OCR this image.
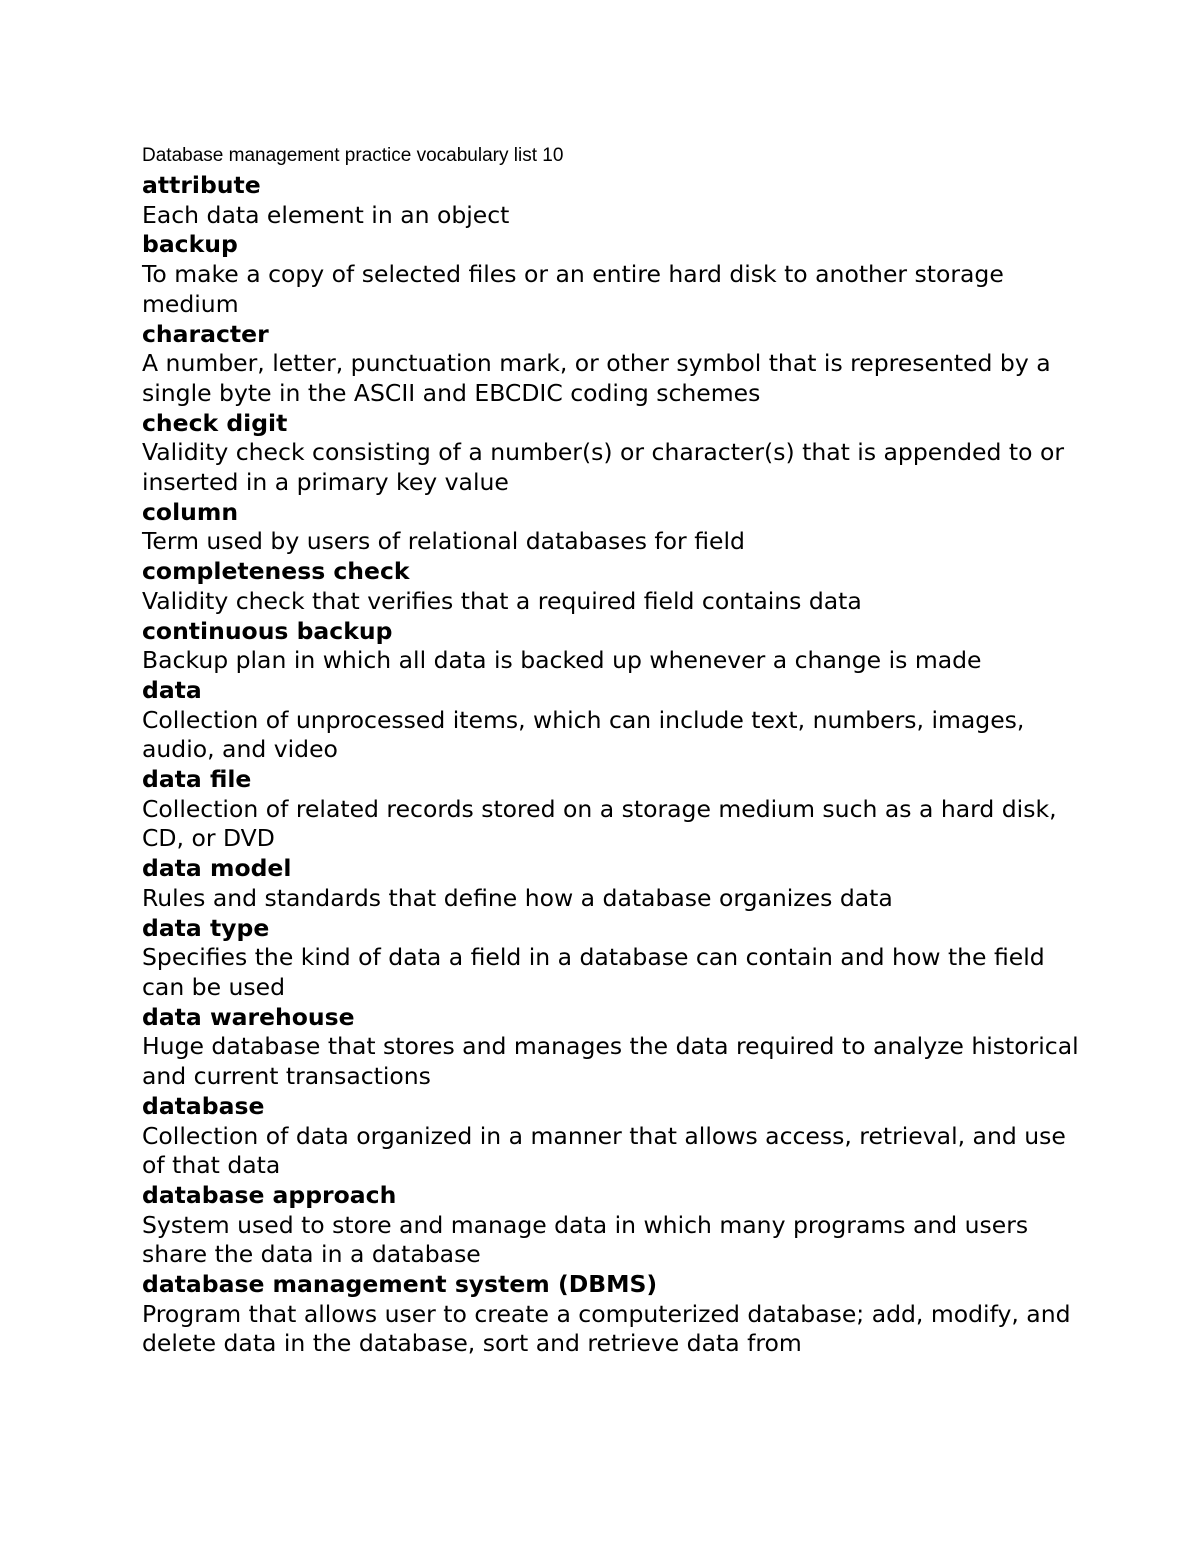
Database management practice vocabulary list 10
attribute
Each data element in an object
backup
To make a copy of selected files or an entire hard disk to another storage medium
character
A number, letter, punctuation mark, or other symbol that is represented by a single byte in the ASCII and EBCDIC coding schemes
check digit
Validity check consisting of a number(s) or character(s) that is appended to or inserted in a primary key value
column
Term used by users of relational databases for field
completeness check
Validity check that verifies that a required field contains data
continuous backup
Backup plan in which all data is backed up whenever a change is made
data
Collection of unprocessed items, which can include text, numbers, images, audio, and video
data file
Collection of related records stored on a storage medium such as a hard disk, CD, or DVD
data model
Rules and standards that define how a database organizes data
data type
Specifies the kind of data a field in a database can contain and how the field can be used
data warehouse
Huge database that stores and manages the data required to analyze historical and current transactions
database
Collection of data organized in a manner that allows access, retrieval, and use of that data
database approach
System used to store and manage data in which many programs and users share the data in a database
database management system (DBMS)
Program that allows user to create a computerized database; add, modify, and delete data in the database, sort and retrieve data from
